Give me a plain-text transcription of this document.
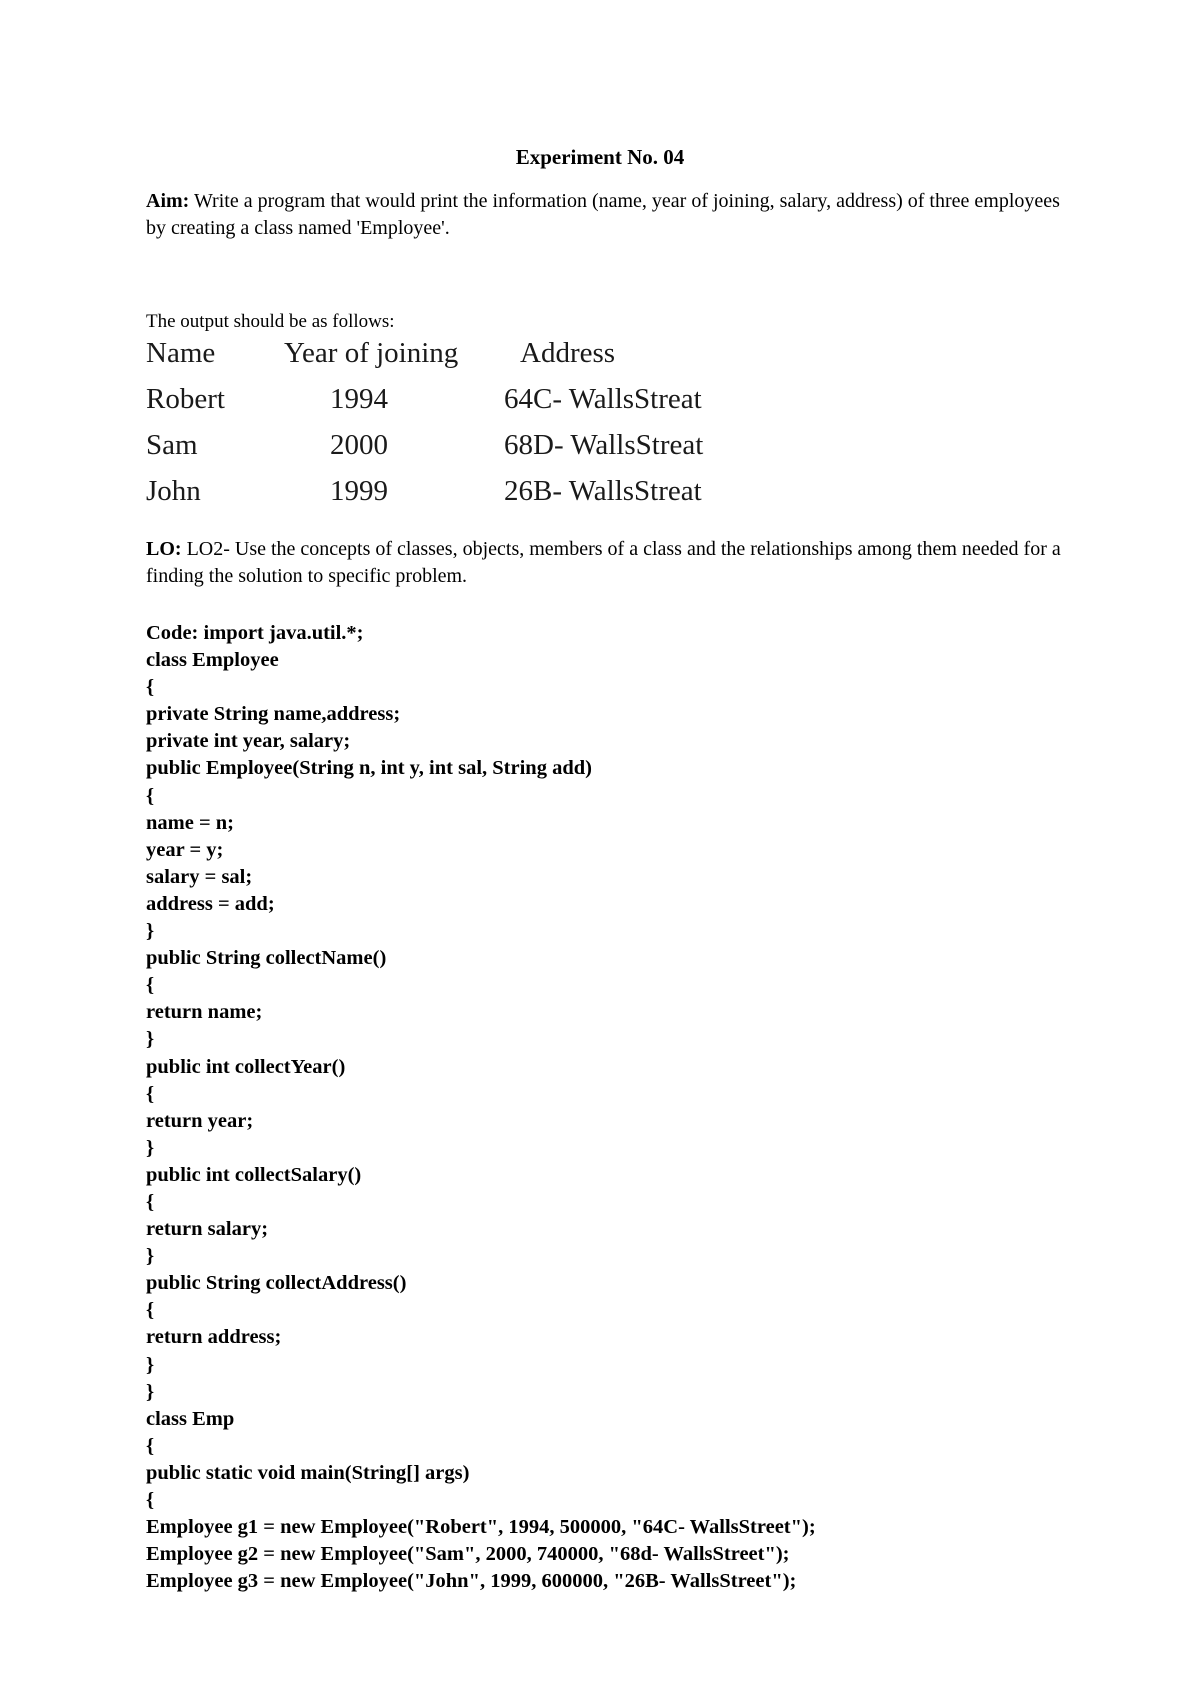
Experiment No. 04
Aim: Write a program that would print the information (name, year of joining, salary, address) of three employees by creating a class named 'Employee'.
The output should be as follows:
Name	Year of joining	Address
Robert	1994	64C- WallsStreat
Sam	2000	68D- WallsStreat
John	1999	26B- WallsStreat
LO: LO2- Use the concepts of classes, objects, members of a class and the relationships among them needed for a finding the solution to specific problem.
Code: import java.util.*;

class Employee
{
private String name,address;
private int year, salary;
public Employee(String n, int y, int sal, String add)
{
name = n;
year = y;
salary = sal;
address = add;
}
public String collectName()
{
return name;
}
public int collectYear()
{
return year;
}
public int collectSalary()
{
return salary;
}
public String collectAddress()
{
return address;
}
}
class Emp
{
public static void main(String[] args)
{
Employee g1 = new Employee("Robert", 1994, 500000, "64C- WallsStreet");
Employee g2 = new Employee("Sam", 2000, 740000, "68d- WallsStreet");
Employee g3 = new Employee("John", 1999, 600000, "26B- WallsStreet");
